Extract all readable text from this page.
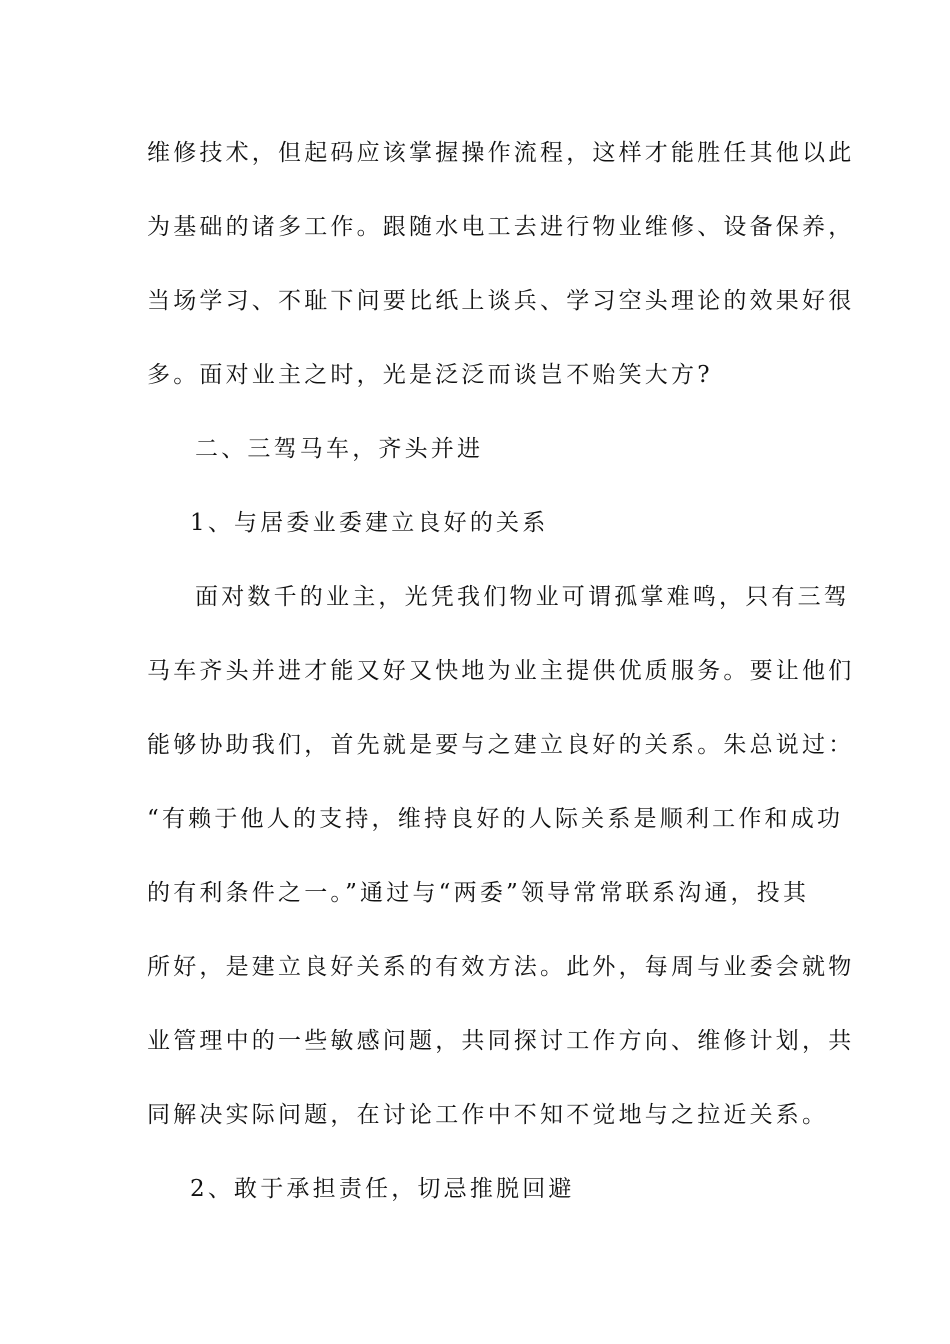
维修技术，但起码应该掌握操作流程，这样才能胜任其他以此
为基础的诸多工作。跟随水电工去进行物业维修、设备保养，
当场学习、不耻下问要比纸上谈兵、学习空头理论的效果好很
多。面对业主之时，光是泛泛而谈岂不贻笑大方?
二、三驾马车，齐头并进
1、与居委业委建立良好的关系
面对数千的业主，光凭我们物业可谓孤掌难鸣，只有三驾
马车齐头并进才能又好又快地为业主提供优质服务。要让他们
能够协助我们，首先就是要与之建立良好的关系。朱总说过：
“有赖于他人的支持，维持良好的人际关系是顺利工作和成功
的有利条件之一。”通过与“两委”领导常常联系沟通，投其
所好，是建立良好关系的有效方法。此外，每周与业委会就物
业管理中的一些敏感问题，共同探讨工作方向、维修计划，共
同解决实际问题，在讨论工作中不知不觉地与之拉近关系。
2、敢于承担责任，切忌推脱回避
